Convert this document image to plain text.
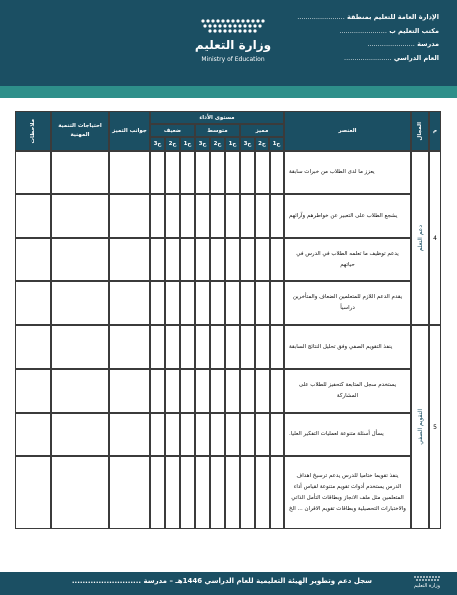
وزارة التعليم
Ministry of Education
الإدارة العامة للتعليم بمنطقة .......................
مكتب التعليم ب .......................
مدرسة .......................
العام الدراسي .......................
م
المجال
العنصر
مستوى الأداء
مميز
متوسط
ضعيف
1ج
2ج
3ج
1ج
2ج
3ج
1ج
2ج
3ج
جوانب التميز
احتياجات التنمية المهنية
ملاحظات
4
دعم التعلم
يعزز ما لدى الطلاب من خبرات سابقة
يشجع الطلاب على التعبير عن خواطرهم وآرائهم
يدعم توظيف ما تعلمه الطلاب في الدرس في حياتهم
يقدم الدعم اللازم للمتعلمين الضعاف والمتأخرين دراسياً
5
التقويم الصفي
ينفذ التقويم الصفي وفق تحليل النتائج السابقة
يستخدم سجل المتابعة كتحفيز للطلاب على المشاركة
يسأل أسئلة متنوعة لعمليات التفكير العليا.
ينفذ تقويما ختاميا للدرس يدعم ترسيخ اهداف الدرس يستخدم أدوات تقويم متنوعة لقياس أداء المتعلمين مثل ملف الانجاز وبطاقات التأمل الذاتي والاختبارات التحصيلية وبطاقات تقويم الاقران ... الخ
سجل دعم وتطوير الهيئة التعليمية للعام الدراسي 1446هـ – مدرسة ..........................
وزارة التعليم
